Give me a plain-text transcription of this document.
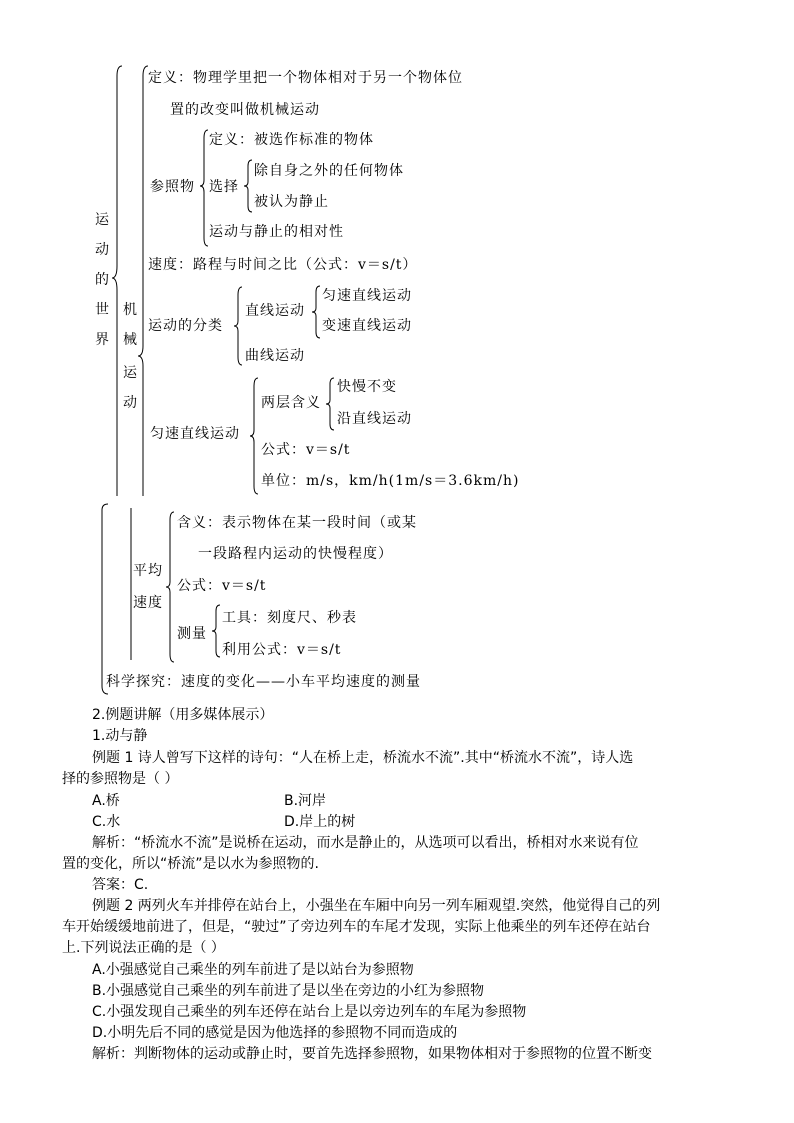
运
动
的
世
界
机
械
运
动
定义：物理学里把一个物体相对于另一个物体位
置的改变叫做机械运动
参照物
定义：被选作标准的物体
选择
除自身之外的任何物体
被认为静止
运动与静止的相对性
速度：路程与时间之比（公式：v＝s/t）
运动的分类
直线运动
匀速直线运动
变速直线运动
曲线运动
匀速直线运动
两层含义
快慢不变
沿直线运动
公式：v＝s/t
单位：m/s，km/h(1m/s＝3.6km/h)
平均
速度
含义：表示物体在某一段时间（或某
一段路程内运动的快慢程度）
公式：v＝s/t
测量
工具：刻度尺、秒表
利用公式：v＝s/t
科学探究：速度的变化——小车平均速度的测量
2.例题讲解（用多媒体展示）
1.动与静
例题 1 诗人曾写下这样的诗句：“人在桥上走，桥流水不流”.其中“桥流水不流”，诗人选
择的参照物是（ ）
A.桥	B.河岸
C.水	D.岸上的树
解析：“桥流水不流”是说桥在运动，而水是静止的，从选项可以看出，桥相对水来说有位
置的变化，所以“桥流”是以水为参照物的.
答案：C.
例题 2 两列火车并排停在站台上，小强坐在车厢中向另一列车厢观望.突然，他觉得自己的列
车开始缓缓地前进了，但是，“驶过”了旁边列车的车尾才发现，实际上他乘坐的列车还停在站台
上.下列说法正确的是（ ）
A.小强感觉自己乘坐的列车前进了是以站台为参照物
B.小强感觉自己乘坐的列车前进了是以坐在旁边的小红为参照物
C.小强发现自己乘坐的列车还停在站台上是以旁边列车的车尾为参照物
D.小明先后不同的感觉是因为他选择的参照物不同而造成的
解析：判断物体的运动或静止时，要首先选择参照物，如果物体相对于参照物的位置不断变
